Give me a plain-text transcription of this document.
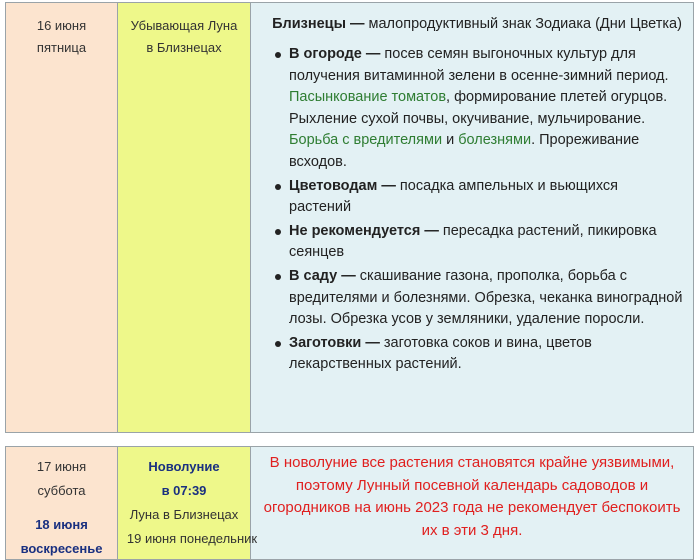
16 июня
пятница
Убывающая Луна
в Близнецах
Близнецы — малопродуктивный знак Зодиака (Дни Цветка)
В огороде — посев семян выгоночных культур для получения витаминной зелени в осенне-зимний период. Пасынкование томатов, формирование плетей огурцов. Рыхление сухой почвы, окучивание, мульчирование. Борьба с вредителями и болезнями. Прореживание всходов.
Цветоводам — посадка ампельных и вьющихся растений
Не рекомендуется — пересадка растений, пикировка сеянцев
В саду — скашивание газона, прополка, борьба с вредителями и болезнями. Обрезка, чеканка виноградной лозы. Обрезка усов у земляники, удаление поросли.
Заготовки — заготовка соков и вина, цветов лекарственных растений.
17 июня
суббота
18 июня
воскресенье
Новолуние
в 07:39
Луна в Близнецах
19 июня понедельник
В новолуние все растения становятся крайне уязвимыми, поэтому Лунный посевной календарь садоводов и огородников на июнь 2023 года не рекомендует беспокоить их в эти 3 дня.
